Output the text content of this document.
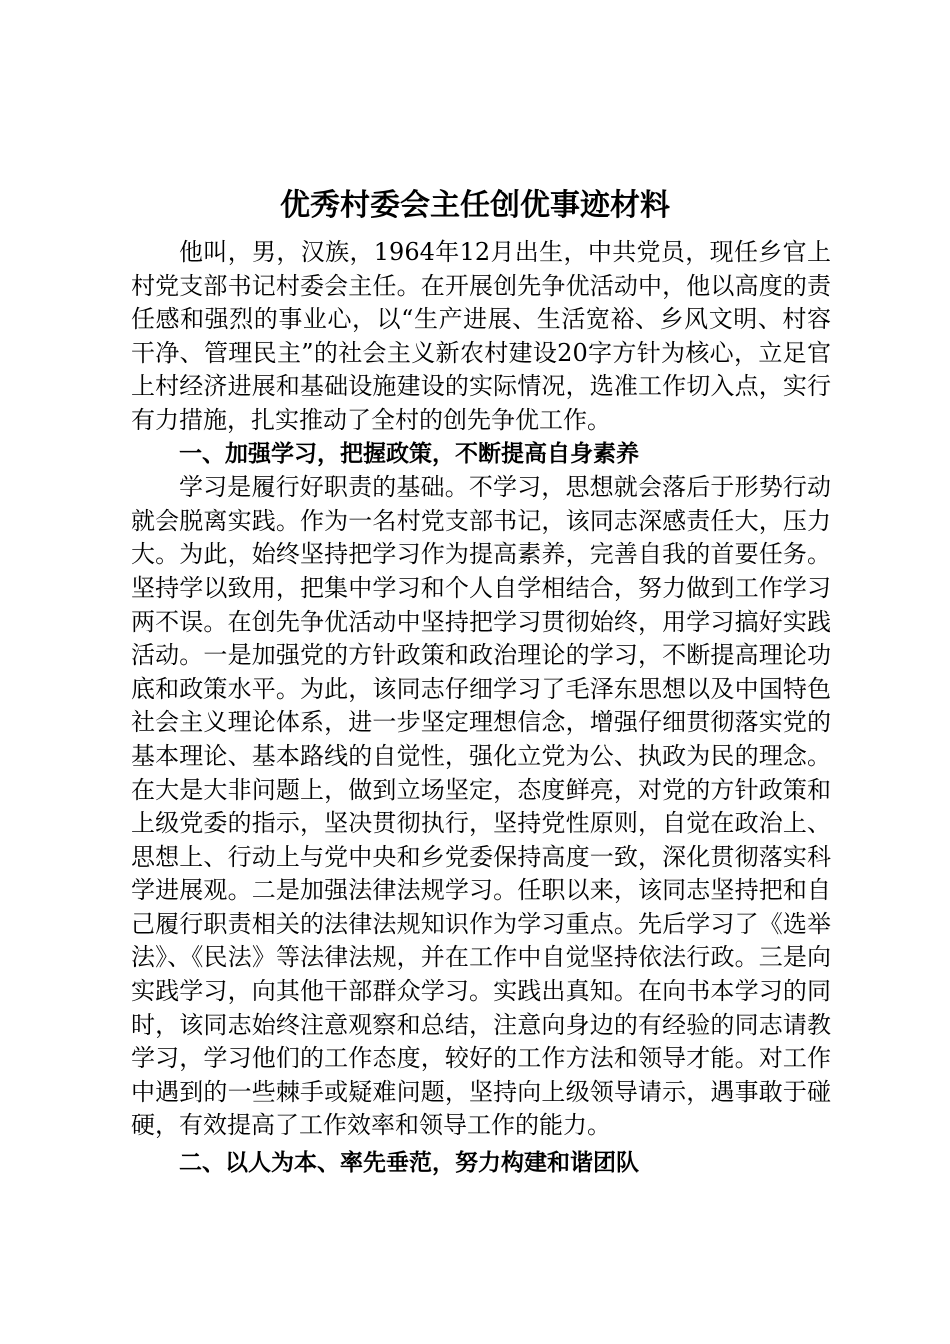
优秀村委会主任创优事迹材料

他叫，男，汉族，1964年12月出生，中共党员，现任乡官上村党支部书记村委会主任。在开展创先争优活动中，他以高度的责任感和强烈的事业心，以“生产进展、生活宽裕、乡风文明、村容干净、管理民主”的社会主义新农村建设20字方针为核心，立足官上村经济进展和基础设施建设的实际情况，选准工作切入点，实行有力措施，扎实推动了全村的创先争优工作。

一、加强学习，把握政策，不断提高自身素养

学习是履行好职责的基础。不学习，思想就会落后于形势行动就会脱离实践。作为一名村党支部书记，该同志深感责任大，压力大。为此，始终坚持把学习作为提高素养，完善自我的首要任务。坚持学以致用，把集中学习和个人自学相结合，努力做到工作学习两不误。在创先争优活动中坚持把学习贯彻始终，用学习搞好实践活动。一是加强党的方针政策和政治理论的学习，不断提高理论功底和政策水平。为此，该同志仔细学习了毛泽东思想以及中国特色社会主义理论体系，进一步坚定理想信念，增强仔细贯彻落实党的基本理论、基本路线的自觉性，强化立党为公、执政为民的理念。在大是大非问题上，做到立场坚定，态度鲜亮，对党的方针政策和上级党委的指示，坚决贯彻执行，坚持党性原则，自觉在政治上、思想上、行动上与党中央和乡党委保持高度一致，深化贯彻落实科学进展观。二是加强法律法规学习。任职以来，该同志坚持把和自己履行职责相关的法律法规知识作为学习重点。先后学习了《选举法》、《民法》等法律法规，并在工作中自觉坚持依法行政。三是向实践学习，向其他干部群众学习。实践出真知。在向书本学习的同时，该同志始终注意观察和总结，注意向身边的有经验的同志请教学习，学习他们的工作态度，较好的工作方法和领导才能。对工作中遇到的一些棘手或疑难问题，坚持向上级领导请示，遇事敢于碰硬，有效提高了工作效率和领导工作的能力。

二、以人为本、率先垂范，努力构建和谐团队
